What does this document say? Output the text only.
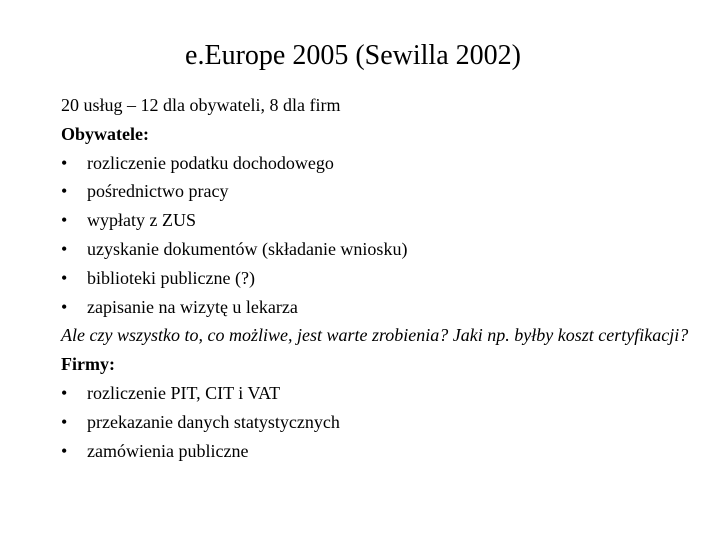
e.Europe 2005 (Sewilla 2002)
20 usług – 12 dla obywateli, 8 dla firm
Obywatele:
•	rozliczenie podatku dochodowego
•	pośrednictwo pracy
•	wypłaty z ZUS
•	uzyskanie dokumentów (składanie wniosku)
•	biblioteki publiczne (?)
•	zapisanie na wizytę u lekarza
Ale czy wszystko to, co możliwe, jest warte zrobienia? Jaki np. byłby koszt certyfikacji?
Firmy:
•	rozliczenie PIT, CIT i VAT
•	przekazanie danych statystycznych
•	zamówienia publiczne
